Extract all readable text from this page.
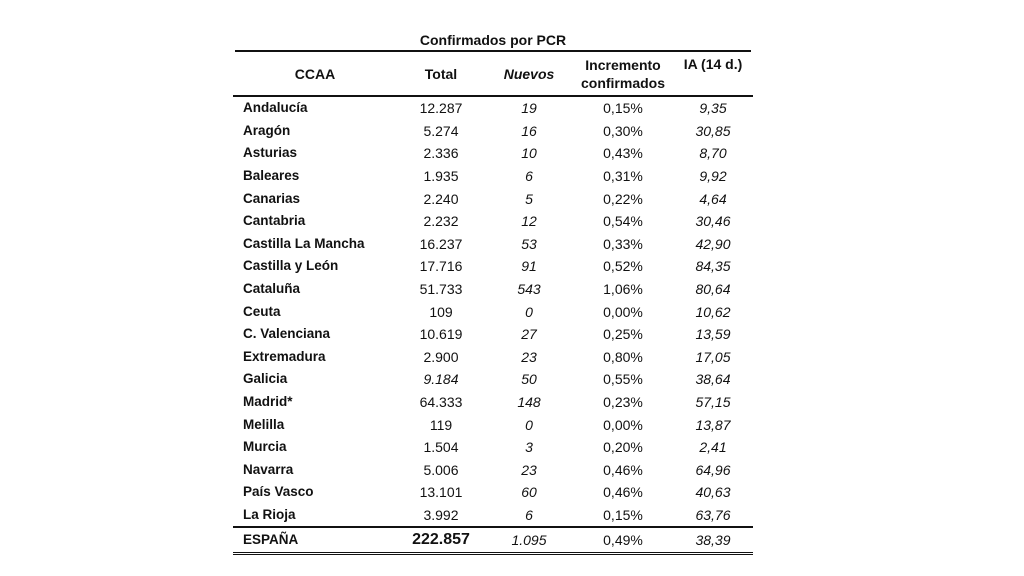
Confirmados por PCR
CCAA	Total	Nuevos	Incremento confirmados	IA (14 d.)
Andalucía	12.287	19	0,15%	9,35
Aragón	5.274	16	0,30%	30,85
Asturias	2.336	10	0,43%	8,70
Baleares	1.935	6	0,31%	9,92
Canarias	2.240	5	0,22%	4,64
Cantabria	2.232	12	0,54%	30,46
Castilla La Mancha	16.237	53	0,33%	42,90
Castilla y León	17.716	91	0,52%	84,35
Cataluña	51.733	543	1,06%	80,64
Ceuta	109	0	0,00%	10,62
C. Valenciana	10.619	27	0,25%	13,59
Extremadura	2.900	23	0,80%	17,05
Galicia	9.184	50	0,55%	38,64
Madrid*	64.333	148	0,23%	57,15
Melilla	119	0	0,00%	13,87
Murcia	1.504	3	0,20%	2,41
Navarra	5.006	23	0,46%	64,96
País Vasco	13.101	60	0,46%	40,63
La Rioja	3.992	6	0,15%	63,76
ESPAÑA	222.857	1.095	0,49%	38,39
